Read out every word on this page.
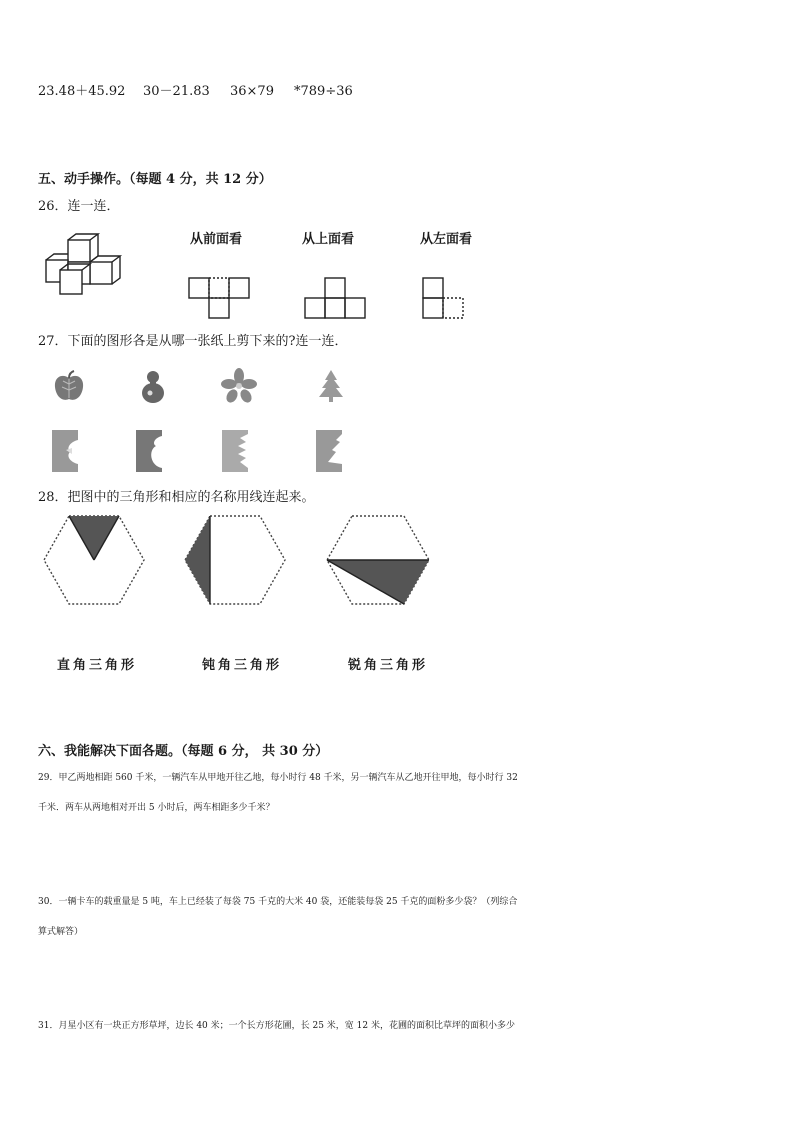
23.48＋45.92 30－21.83 36×79 *789÷36
五、动手操作。（每题 4 分，共 12 分）
26．连一连．
从前面看	从上面看	从左面看
27．下面的图形各是从哪一张纸上剪下来的?连一连．
28．把图中的三角形和相应的名称用线连起来。
直角三角形	钝角三角形	锐角三角形
六、我能解决下面各题。（每题 6 分， 共 30 分）
29．甲乙两地相距 560 千米，一辆汽车从甲地开往乙地，每小时行 48 千米，另一辆汽车从乙地开往甲地，每小时行 32
千米．两车从两地相对开出 5 小时后，两车相距多少千米？
30．一辆卡车的载重量是 5 吨，车上已经装了每袋 75 千克的大米 40 袋，还能装每袋 25 千克的面粉多少袋？（列综合
算式解答）
31．月星小区有一块正方形草坪，边长 40 米；一个长方形花圃，长 25 米，宽 12 米，花圃的面积比草坪的面积小多少
